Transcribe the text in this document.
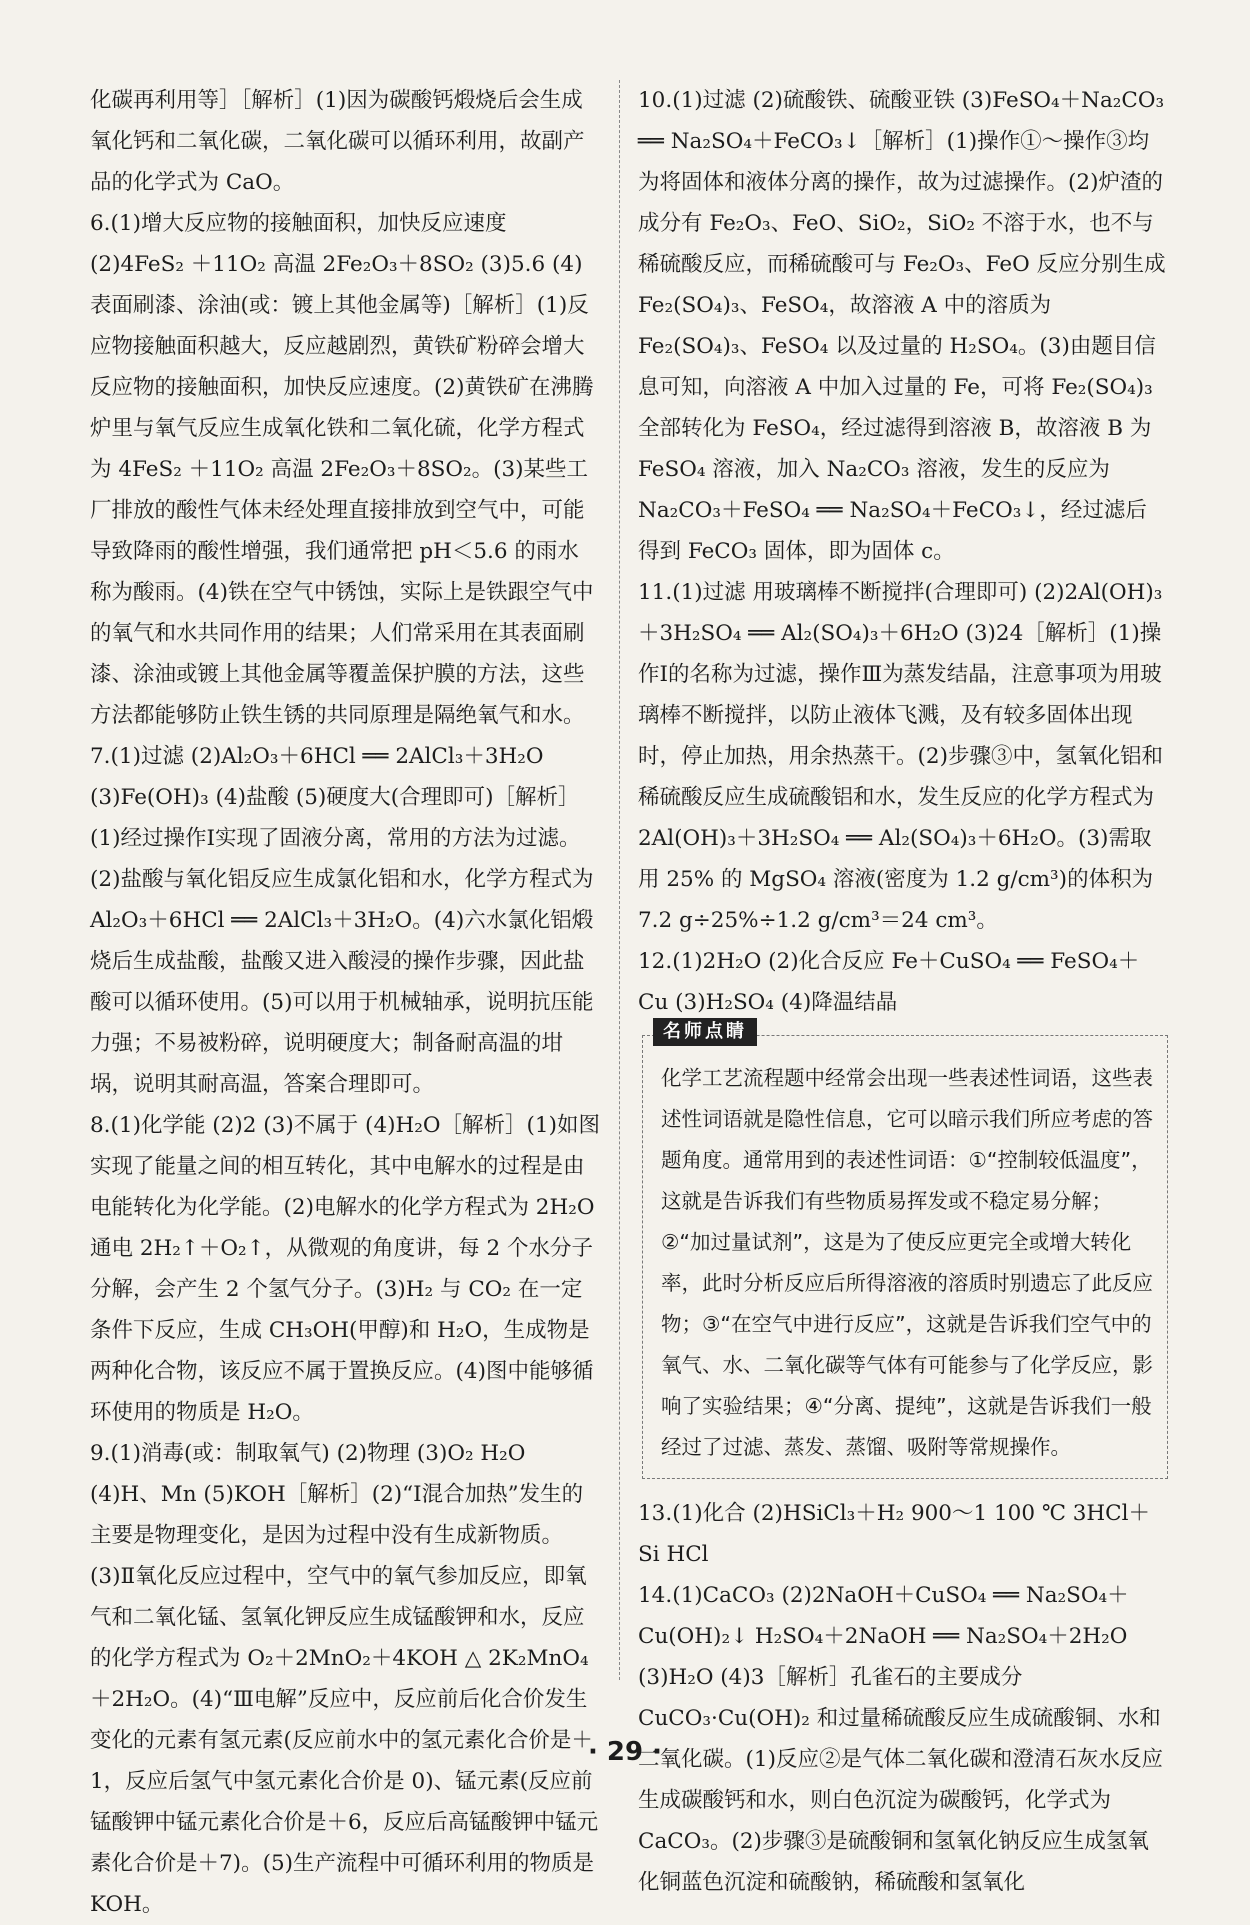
化碳再利用等］［解析］(1)因为碳酸钙煅烧后会生成氧化钙和二氧化碳，二氧化碳可以循环利用，故副产品的化学式为 CaO。

6.(1)增大反应物的接触面积，加快反应速度 (2)4FeS₂ ＋11O₂ 高温 2Fe₂O₃＋8SO₂ (3)5.6 (4)表面刷漆、涂油(或：镀上其他金属等)［解析］(1)反应物接触面积越大，反应越剧烈，黄铁矿粉碎会增大反应物的接触面积，加快反应速度。(2)黄铁矿在沸腾炉里与氧气反应生成氧化铁和二氧化硫，化学方程式为 4FeS₂ ＋11O₂ 高温 2Fe₂O₃＋8SO₂。(3)某些工厂排放的酸性气体未经处理直接排放到空气中，可能导致降雨的酸性增强，我们通常把 pH＜5.6 的雨水称为酸雨。(4)铁在空气中锈蚀，实际上是铁跟空气中的氧气和水共同作用的结果；人们常采用在其表面刷漆、涂油或镀上其他金属等覆盖保护膜的方法，这些方法都能够防止铁生锈的共同原理是隔绝氧气和水。

7.(1)过滤 (2)Al₂O₃＋6HCl ══ 2AlCl₃＋3H₂O (3)Fe(OH)₃ (4)盐酸 (5)硬度大(合理即可)［解析］(1)经过操作Ⅰ实现了固液分离，常用的方法为过滤。(2)盐酸与氧化铝反应生成氯化铝和水，化学方程式为 Al₂O₃＋6HCl ══ 2AlCl₃＋3H₂O。(4)六水氯化铝煅烧后生成盐酸，盐酸又进入酸浸的操作步骤，因此盐酸可以循环使用。(5)可以用于机械轴承，说明抗压能力强；不易被粉碎，说明硬度大；制备耐高温的坩埚，说明其耐高温，答案合理即可。

8.(1)化学能 (2)2 (3)不属于 (4)H₂O［解析］(1)如图实现了能量之间的相互转化，其中电解水的过程是由电能转化为化学能。(2)电解水的化学方程式为 2H₂O 通电 2H₂↑＋O₂↑，从微观的角度讲，每 2 个水分子分解，会产生 2 个氢气分子。(3)H₂ 与 CO₂ 在一定条件下反应，生成 CH₃OH(甲醇)和 H₂O，生成物是两种化合物，该反应不属于置换反应。(4)图中能够循环使用的物质是 H₂O。

9.(1)消毒(或：制取氧气) (2)物理 (3)O₂ H₂O (4)H、Mn (5)KOH［解析］(2)“Ⅰ混合加热”发生的主要是物理变化，是因为过程中没有生成新物质。(3)Ⅱ氧化反应过程中，空气中的氧气参加反应，即氧气和二氧化锰、氢氧化钾反应生成锰酸钾和水，反应的化学方程式为 O₂＋2MnO₂＋4KOH △ 2K₂MnO₄＋2H₂O。(4)“Ⅲ电解”反应中，反应前后化合价发生变化的元素有氢元素(反应前水中的氢元素化合价是＋1，反应后氢气中氢元素化合价是 0)、锰元素(反应前锰酸钾中锰元素化合价是＋6，反应后高锰酸钾中锰元素化合价是＋7)。(5)生产流程中可循环利用的物质是 KOH。

10.(1)过滤 (2)硫酸铁、硫酸亚铁 (3)FeSO₄＋Na₂CO₃ ══ Na₂SO₄＋FeCO₃↓［解析］(1)操作①～操作③均为将固体和液体分离的操作，故为过滤操作。(2)炉渣的成分有 Fe₂O₃、FeO、SiO₂，SiO₂ 不溶于水，也不与稀硫酸反应，而稀硫酸可与 Fe₂O₃、FeO 反应分别生成 Fe₂(SO₄)₃、FeSO₄，故溶液 A 中的溶质为 Fe₂(SO₄)₃、FeSO₄ 以及过量的 H₂SO₄。(3)由题目信息可知，向溶液 A 中加入过量的 Fe，可将 Fe₂(SO₄)₃ 全部转化为 FeSO₄，经过滤得到溶液 B，故溶液 B 为 FeSO₄ 溶液，加入 Na₂CO₃ 溶液，发生的反应为 Na₂CO₃＋FeSO₄ ══ Na₂SO₄＋FeCO₃↓，经过滤后得到 FeCO₃ 固体，即为固体 c。

11.(1)过滤 用玻璃棒不断搅拌(合理即可) (2)2Al(OH)₃＋3H₂SO₄ ══ Al₂(SO₄)₃＋6H₂O (3)24［解析］(1)操作Ⅰ的名称为过滤，操作Ⅲ为蒸发结晶，注意事项为用玻璃棒不断搅拌，以防止液体飞溅，及有较多固体出现时，停止加热，用余热蒸干。(2)步骤③中，氢氧化铝和稀硫酸反应生成硫酸铝和水，发生反应的化学方程式为 2Al(OH)₃＋3H₂SO₄ ══ Al₂(SO₄)₃＋6H₂O。(3)需取用 25% 的 MgSO₄ 溶液(密度为 1.2 g/cm³)的体积为 7.2 g÷25%÷1.2 g/cm³＝24 cm³。

12.(1)2H₂O (2)化合反应 Fe＋CuSO₄ ══ FeSO₄＋Cu (3)H₂SO₄ (4)降温结晶

名师点睛
化学工艺流程题中经常会出现一些表述性词语，这些表述性词语就是隐性信息，它可以暗示我们所应考虑的答题角度。通常用到的表述性词语：①“控制较低温度”，这就是告诉我们有些物质易挥发或不稳定易分解；②“加过量试剂”，这是为了使反应更完全或增大转化率，此时分析反应后所得溶液的溶质时别遗忘了此反应物；③“在空气中进行反应”，这就是告诉我们空气中的氧气、水、二氧化碳等气体有可能参与了化学反应，影响了实验结果；④“分离、提纯”，这就是告诉我们一般经过了过滤、蒸发、蒸馏、吸附等常规操作。

13.(1)化合 (2)HSiCl₃＋H₂ 900～1 100 ℃ 3HCl＋Si HCl

14.(1)CaCO₃ (2)2NaOH＋CuSO₄ ══ Na₂SO₄＋Cu(OH)₂↓ H₂SO₄＋2NaOH ══ Na₂SO₄＋2H₂O (3)H₂O (4)3［解析］孔雀石的主要成分 CuCO₃·Cu(OH)₂ 和过量稀硫酸反应生成硫酸铜、水和二氧化碳。(1)反应②是气体二氧化碳和澄清石灰水反应生成碳酸钙和水，则白色沉淀为碳酸钙，化学式为 CaCO₃。(2)步骤③是硫酸铜和氢氧化钠反应生成氢氧化铜蓝色沉淀和硫酸钠，稀硫酸和氢氧化

· 29 ·
